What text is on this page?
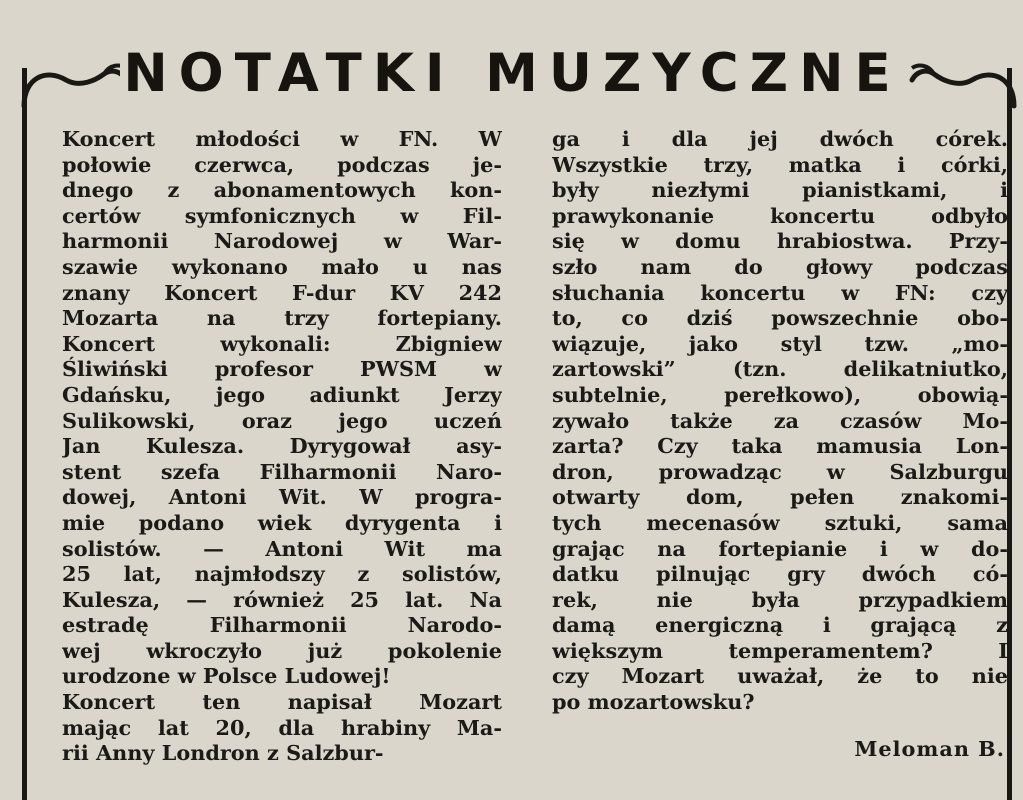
NOTATKI MUZYCZNE
Koncert młodości w FN. W
połowie czerwca, podczas je-
dnego z abonamentowych kon-
certów symfonicznych w Fil-
harmonii Narodowej w War-
szawie wykonano mało u nas
znany Koncert F-dur KV 242
Mozarta na trzy fortepiany.
Koncert wykonali: Zbigniew
Śliwiński profesor PWSM w
Gdańsku, jego adiunkt Jerzy
Sulikowski, oraz jego uczeń
Jan Kulesza. Dyrygował asy-
stent szefa Filharmonii Naro-
dowej, Antoni Wit. W progra-
mie podano wiek dyrygenta i
solistów. — Antoni Wit ma
25 lat, najmłodszy z solistów,
Kulesza, — również 25 lat. Na
estradę Filharmonii Narodo-
wej wkroczyło już pokolenie
urodzone w Polsce Ludowej!
Koncert ten napisał Mozart
mając lat 20, dla hrabiny Ma-
rii Anny Londron z Salzbur-
ga i dla jej dwóch córek.
Wszystkie trzy, matka i córki,
były niezłymi pianistkami, i
prawykonanie koncertu odbyło
się w domu hrabiostwa. Przy-
szło nam do głowy podczas
słuchania koncertu w FN: czy
to, co dziś powszechnie obo-
wiązuje, jako styl tzw. „mo-
zartowski” (tzn. delikatniutko,
subtelnie, perełkowo), obowią-
zywało także za czasów Mo-
zarta? Czy taka mamusia Lon-
dron, prowadząc w Salzburgu
otwarty dom, pełen znakomi-
tych mecenasów sztuki, sama
grając na fortepianie i w do-
datku pilnując gry dwóch có-
rek, nie była przypadkiem
damą energiczną i grającą z
większym temperamentem? I
czy Mozart uważał, że to nie
po mozartowsku?
Meloman B.
